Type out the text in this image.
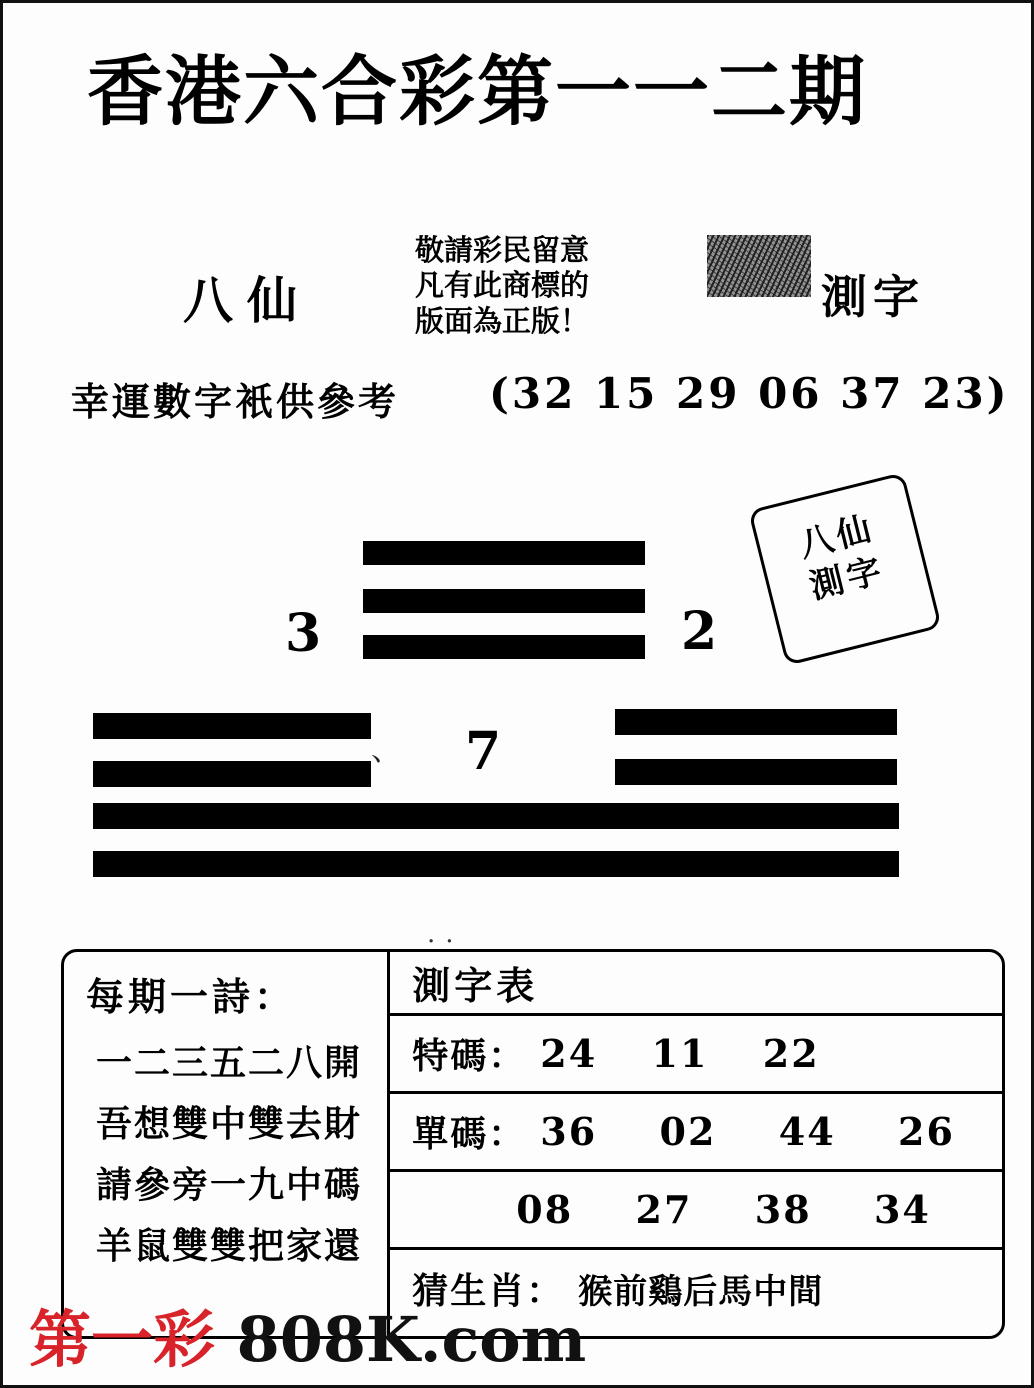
香港六合彩第一一二期
八仙
敬請彩民留意
凡有此商標的
版面為正版！	測字
幸運數字衹供參考 (32 15 29 06 37 23)
3	2
7
、
八仙
測字
..
每期一詩：
一二三五二八開
吾想雙中雙去財
請參旁一九中碼
羊鼠雙雙把家還
測字表
特碼： 24 11 22
單碼： 36 02 44 26
08 27 38 34
猜生肖： 猴前鷄后馬中間
第一彩 808K.com
